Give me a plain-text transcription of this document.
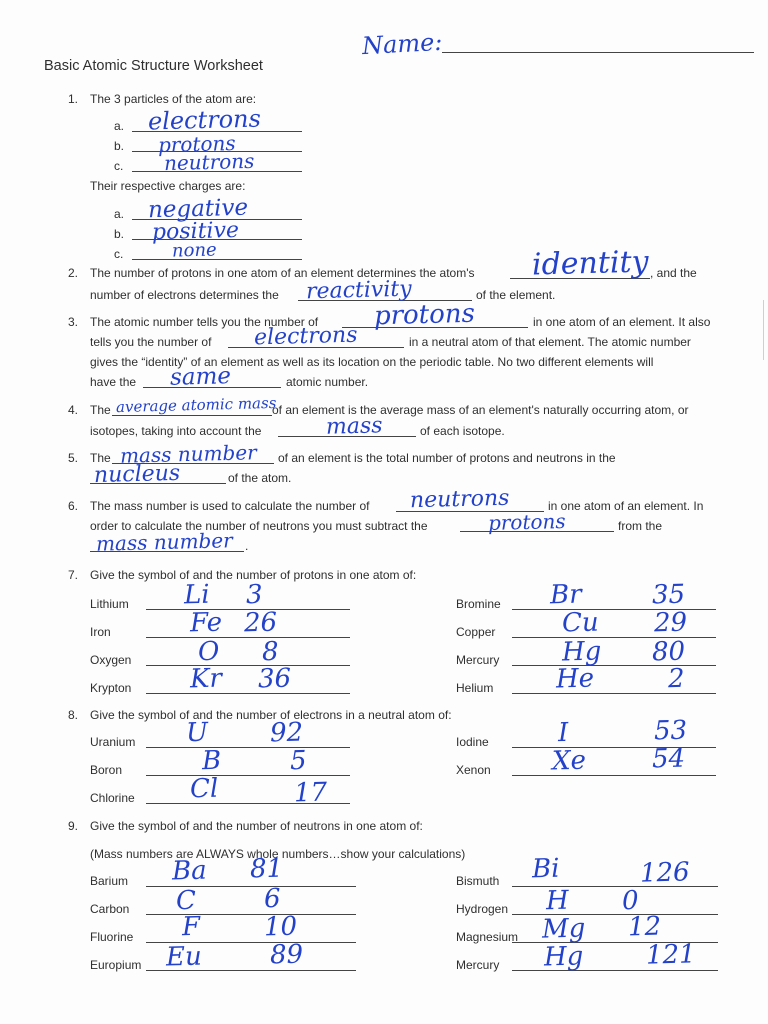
Name:
Basic Atomic Structure Worksheet
1. The 3 particles of the atom are:
a. electrons
b. protons
c. neutrons
Their respective charges are:
a. negative
b. positive
c.	none
2. The number of protons in one atom of an element determines the atom's identity , and the
number of electrons determines the reactivity	of the element.
3. The atomic number tells you the number of protons	in one atom of an element. It also
tells you the number of electrons	in a neutral atom of that element. The atomic number
gives the “identity” of an element as well as its location on the periodic table. No two different elements will
have the same	atomic number.
4. The average atomic mass
of an element is the average mass of an element's naturally occurring atom, or
isotopes, taking into account the	mass	of each isotope.
5. The mass number of an element is the total number of protons and neutrons in the
nucleus	of the atom.
6. The mass number is used to calculate the number of neutrons	in one atom of an element. In
order to calculate the number of neutrons you must subtract the	protons	from the
mass number .
7. Give the symbol of and the number of protons in one atom of:
Lithium Li 3
Iron	Fe 26
Oxygen	O 8
Krypton Kr 36
Bromine Br	35
Copper	Cu 29
Mercury Hg 80
Helium He	2
8. Give the symbol of and the number of electrons in a neutral atom of:
Uranium U 92
Boron	B	5
Chlorine Cl	17
Iodine	I	53
Xenon Xe	54
9. Give the symbol of and the number of neutrons in one atom of:
(Mass numbers are ALWAYS whole numbers…show your calculations)
Barium Ba 81
Carbon C	6
Fluorine F 10
Europium Eu	89
Bismuth Bi	126
Hydrogen H 0
Magnesium Mg 12
Mercury Hg 121
